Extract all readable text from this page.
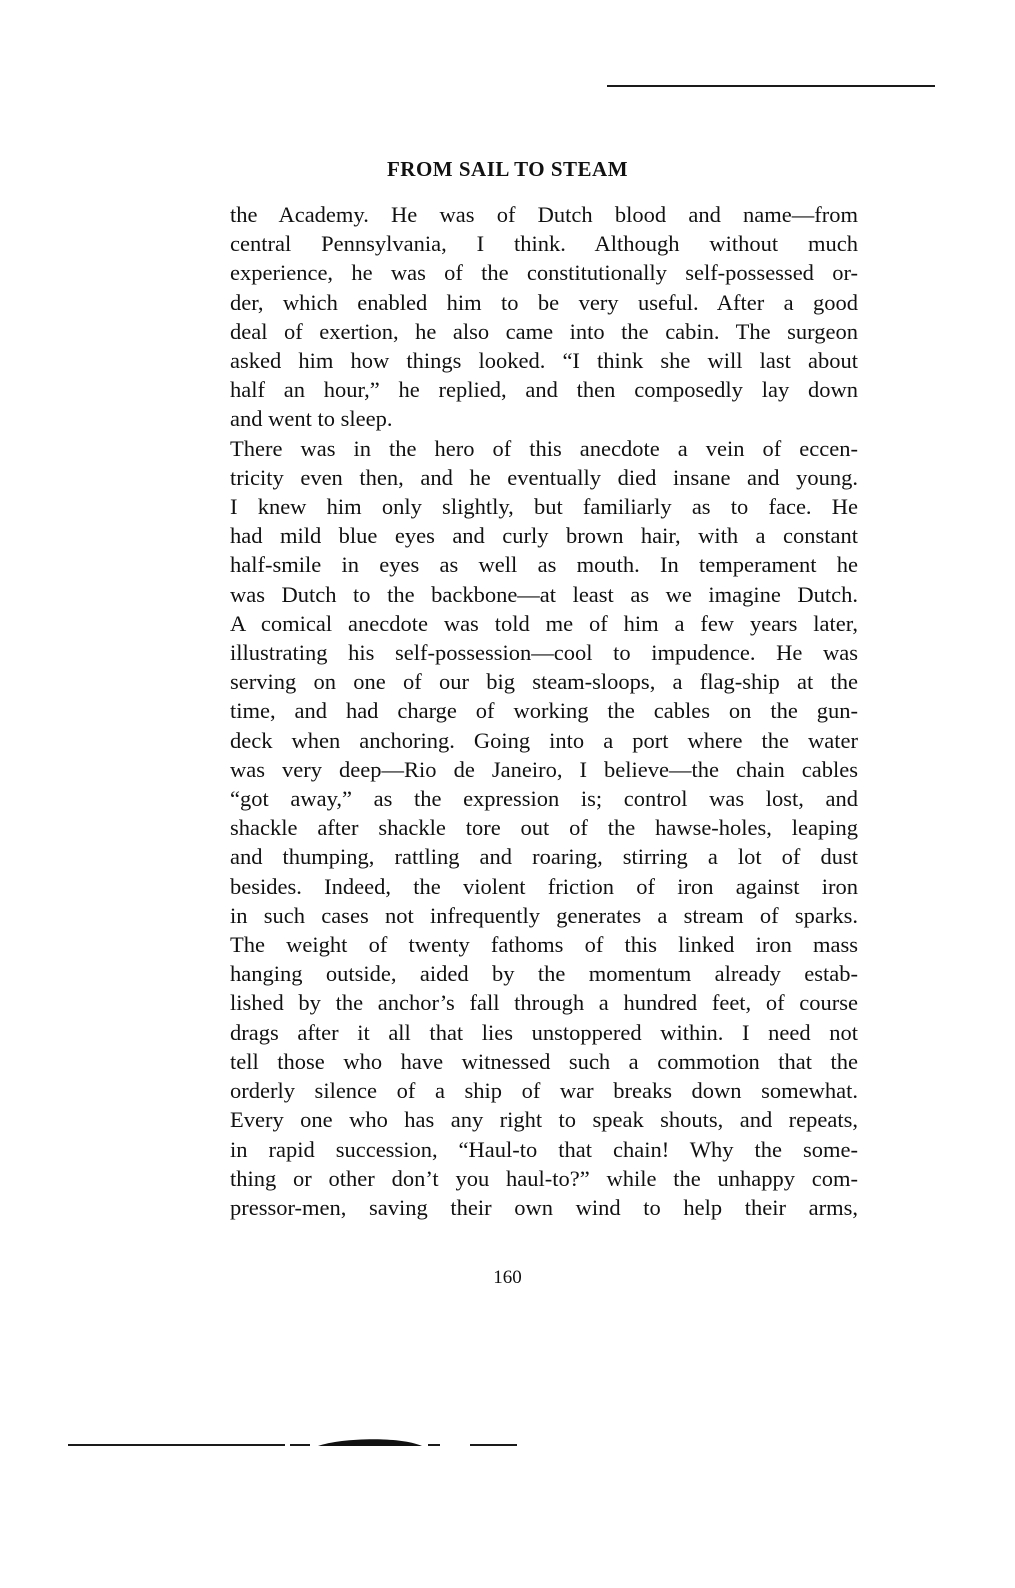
FROM SAIL TO STEAM
the Academy. He was of Dutch blood and name—from
central Pennsylvania, I think. Although without much
experience, he was of the constitutionally self-possessed or-
der, which enabled him to be very useful. After a good
deal of exertion, he also came into the cabin. The surgeon
asked him how things looked. “I think she will last about
half an hour,” he replied, and then composedly lay down
and went to sleep.
There was in the hero of this anecdote a vein of eccen-
tricity even then, and he eventually died insane and young.
I knew him only slightly, but familiarly as to face. He
had mild blue eyes and curly brown hair, with a constant
half-smile in eyes as well as mouth. In temperament he
was Dutch to the backbone—at least as we imagine Dutch.
A comical anecdote was told me of him a few years later,
illustrating his self-possession—cool to impudence. He was
serving on one of our big steam-sloops, a flag-ship at the
time, and had charge of working the cables on the gun-
deck when anchoring. Going into a port where the water
was very deep—Rio de Janeiro, I believe—the chain cables
“got away,” as the expression is; control was lost, and
shackle after shackle tore out of the hawse-holes, leaping
and thumping, rattling and roaring, stirring a lot of dust
besides. Indeed, the violent friction of iron against iron
in such cases not infrequently generates a stream of sparks.
The weight of twenty fathoms of this linked iron mass
hanging outside, aided by the momentum already estab-
lished by the anchor’s fall through a hundred feet, of course
drags after it all that lies unstoppered within. I need not
tell those who have witnessed such a commotion that the
orderly silence of a ship of war breaks down somewhat.
Every one who has any right to speak shouts, and repeats,
in rapid succession, “Haul-to that chain! Why the some-
thing or other don’t you haul-to?” while the unhappy com-
pressor-men, saving their own wind to help their arms,
160
